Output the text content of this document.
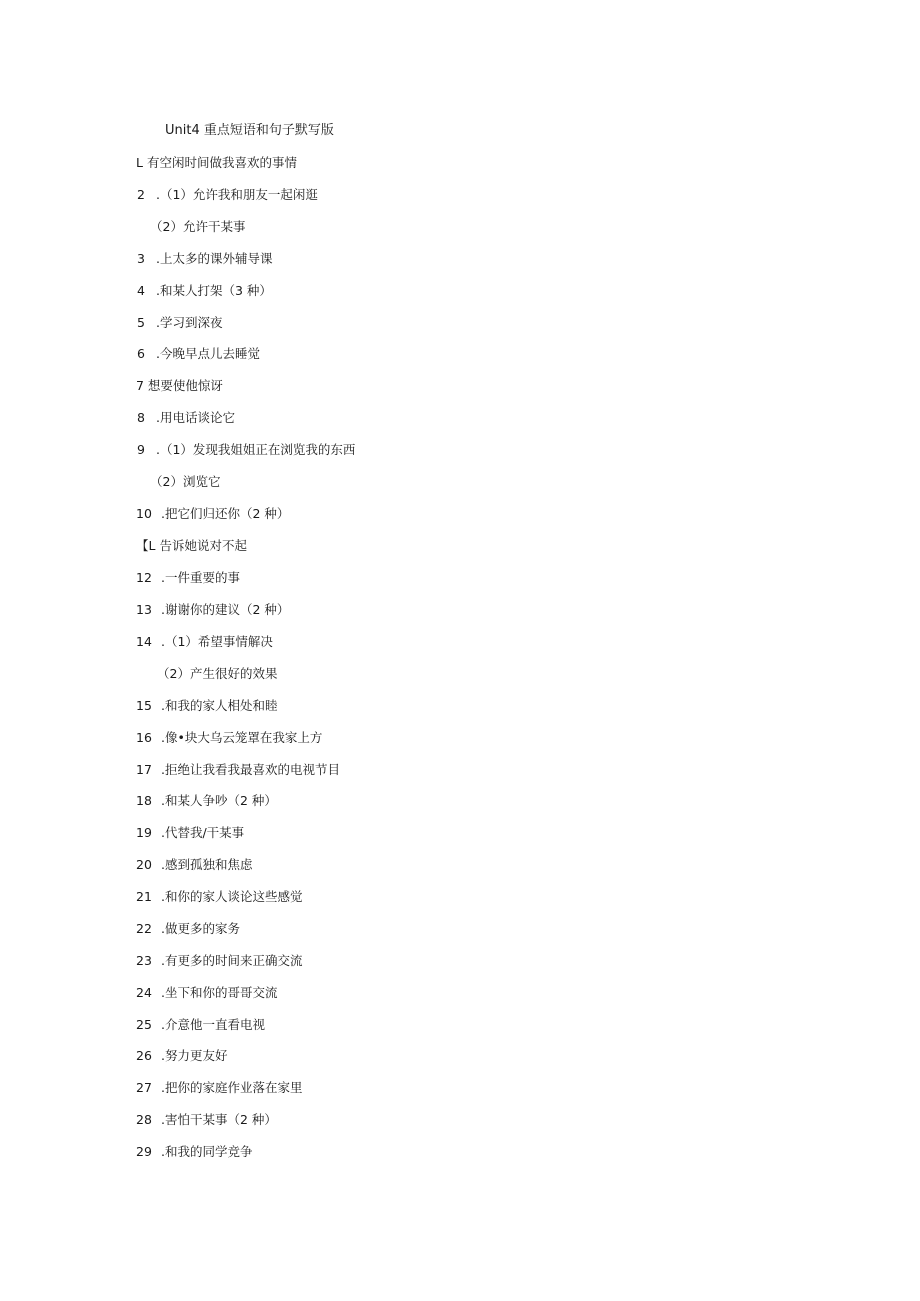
Unit4 重点短语和句子默写版
L 有空闲时间做我喜欢的事情
2 .（1）允许我和朋友一起闲逛
（2）允许干某事
3 .上太多的课外辅导课
4 .和某人打架（3 种）
5 .学习到深夜
6 .今晚早点儿去睡觉
7 想要使他惊讶
8 .用电话谈论它
9 .（1）发现我姐姐正在浏览我的东西
（2）浏览它
10 .把它们归还你（2 种）
【L 告诉她说对不起
12 .一件重要的事
13 .谢谢你的建议（2 种）
14 .（1）希望事情解决
（2）产生很好的效果
15 .和我的家人相处和睦
16 .像•块大乌云笼罩在我家上方
17 .拒绝让我看我最喜欢的电视节目
18 .和某人争吵（2 种）
19 .代替我/干某事
20 .感到孤独和焦虑
21 .和你的家人谈论这些感觉
22 .做更多的家务
23 .有更多的时间来正确交流
24 .坐下和你的哥哥交流
25 .介意他一直看电视
26 .努力更友好
27 .把你的家庭作业落在家里
28 .害怕干某事（2 种）
29 .和我的同学竞争
